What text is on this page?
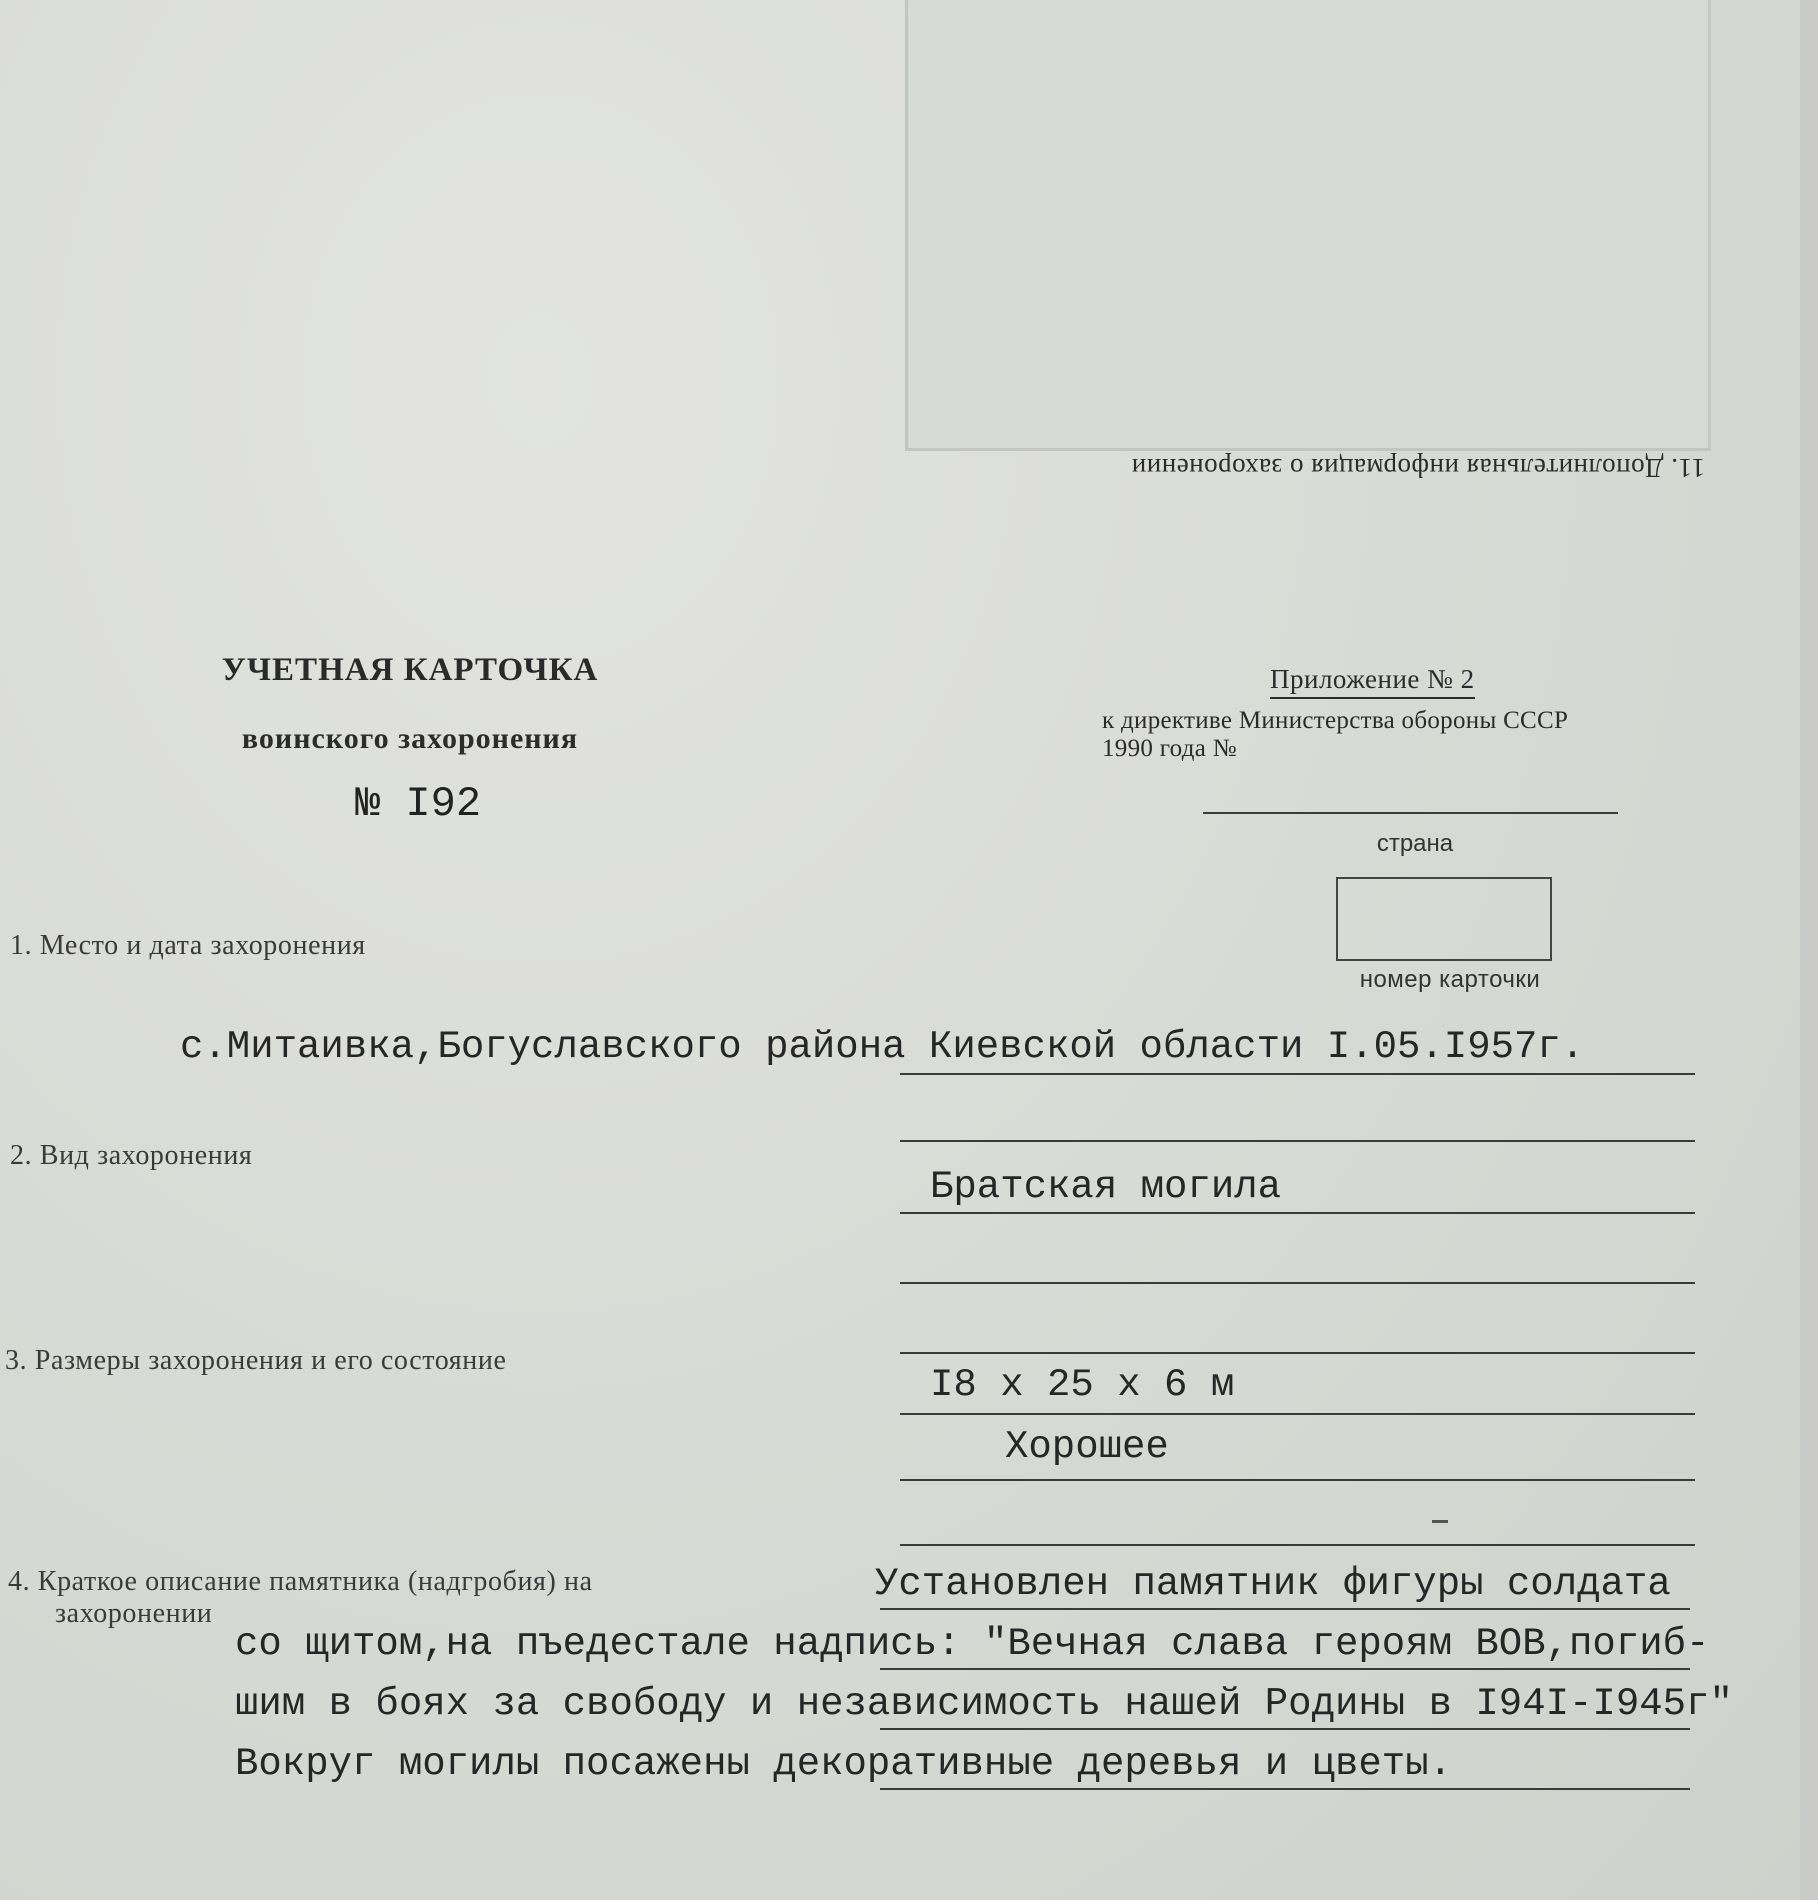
11. Дополнительная информация о захоронении
УЧЕТНАЯ КАРТОЧКА
воинского захоронения
№ I92
Приложение № 2
к директиве Министерства обороны СССР
1990 года №
страна
номер карточки
1. Место и дата захоронения
с.Митаивка,Богуславского района Киевской области I.05.I957г.
2. Вид захоронения
Братская могила
3. Размеры захоронения и его состояние
I8 х 25 х 6 м
Хорошее
4. Краткое описание памятника (надгробия) на
захоронении
Установлен памятник фигуры солдата
со щитом,на пъедестале надпись: "Вечная слава героям ВОВ,погиб-
шим в боях за свободу и независимость нашей Родины в I94I-I945г"
Вокруг могилы посажены декоративные деревья и цветы.
